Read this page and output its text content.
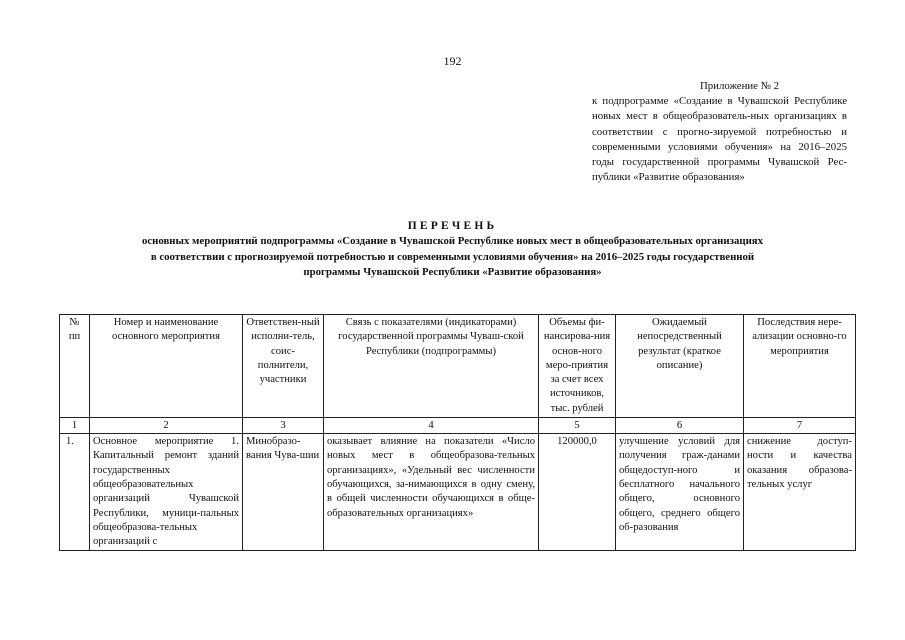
192
Приложение № 2
к подпрограмме «Создание в Чувашской Республике новых мест в общеобразователь-ных организациях в соответствии с прогно-зируемой потребностью и современными условиями обучения» на 2016–2025 годы государственной программы Чувашской Рес-публики «Развитие образования»
ПЕРЕЧЕНЬ
основных мероприятий подпрограммы «Создание в Чувашской Республике новых мест в общеобразовательных организациях
в соответствии с прогнозируемой потребностью и современными условиями обучения» на 2016–2025 годы государственной
программы Чувашской Республики «Развитие образования»
№ пп	Номер и наименование основного мероприятия	Ответствен-ный исполни-тель, соис-полнители, участники	Связь с показателями (индикаторами) государственной программы Чуваш-ской Республики (подпрограммы)	Объемы фи-нансирова-ния основ-ного меро-приятия за счет всех источников, тыс. рублей	Ожидаемый непосредственный результат (краткое описание)	Последствия нере-ализации основно-го мероприятия
1	2	3	4	5	6	7
1.	Основное мероприятие 1. Капитальный ремонт зданий государственных общеобразовательных организаций Чувашской Республики, муници-пальных общеобразова-тельных организаций с	Минобразо-вания Чува-шии	оказывает влияние на показатели «Число новых мест в общеобразова-тельных организациях», «Удельный вес численности обучающихся, за-нимающихся в одну смену, в общей численности обучающихся в обще-образовательных организациях»	120000,0	улучшение условий для получения граж-данами общедоступ-ного и бесплатного начального общего, основного общего, среднего общего об-разования	снижение доступ-ности и качества оказания образова-тельных услуг
